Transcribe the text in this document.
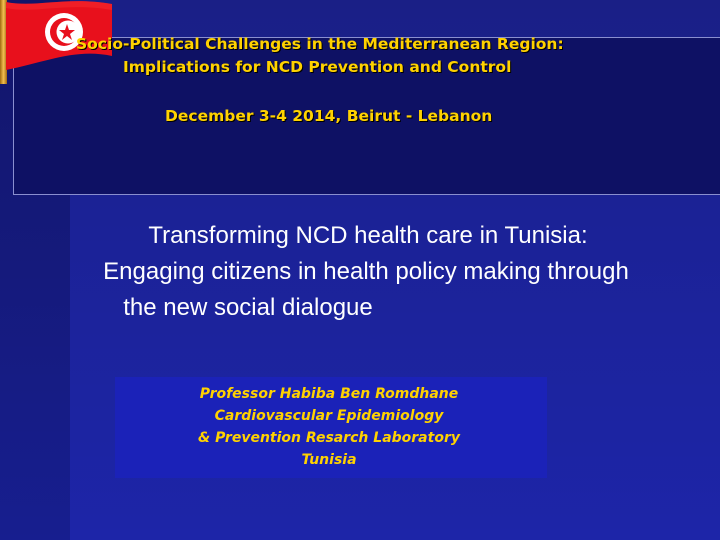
Socio-Political Challenges in the Mediterranean Region:
Implications for NCD Prevention and Control
December 3-4 2014, Beirut - Lebanon
Transforming NCD health care in Tunisia:
Engaging citizens in health policy making through
the new social dialogue
Professor Habiba Ben Romdhane
Cardiovascular Epidemiology
& Prevention Resarch Laboratory
Tunisia
